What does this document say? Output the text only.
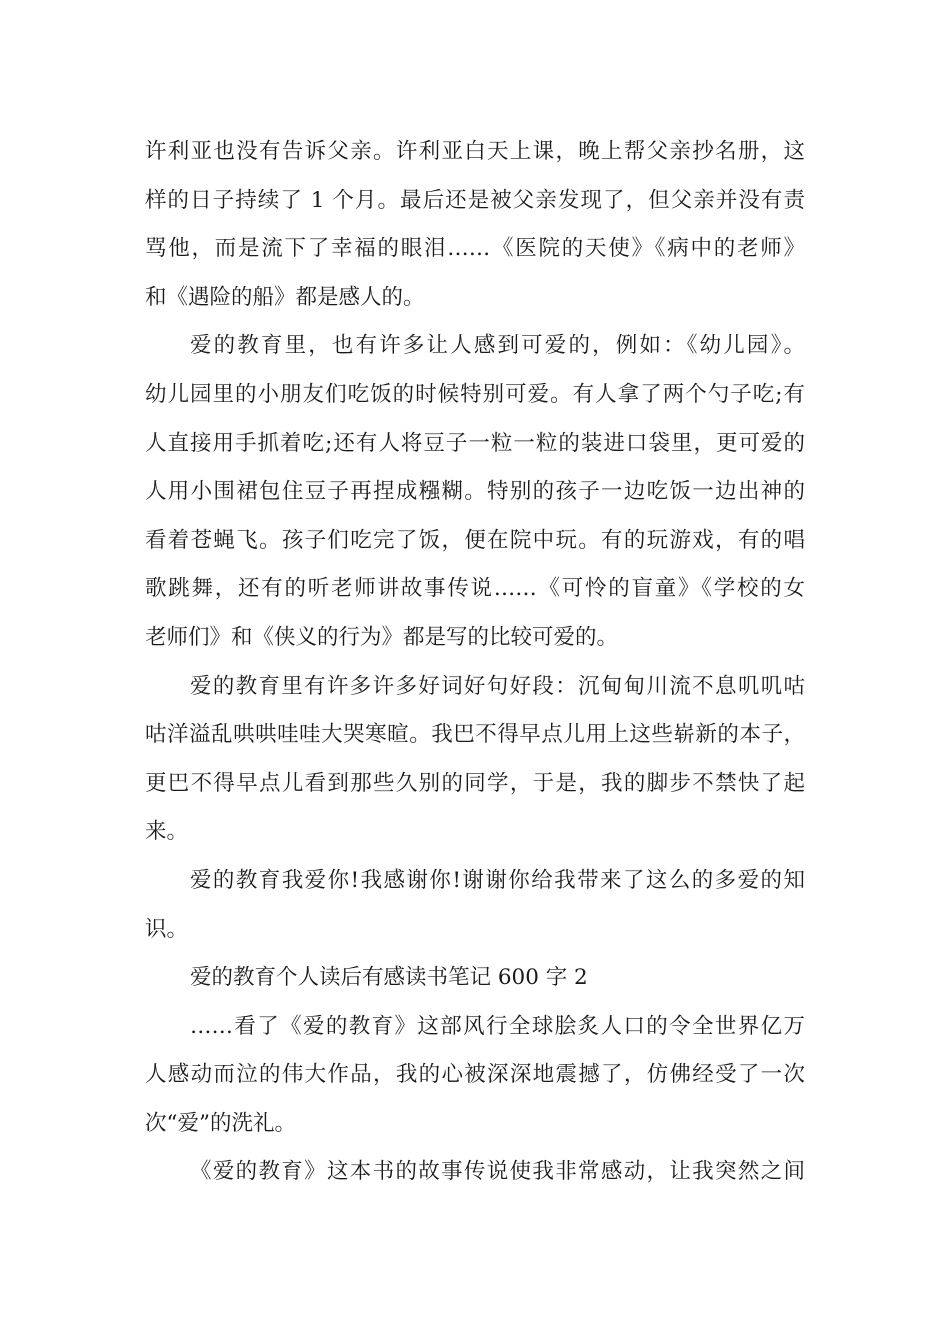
许利亚也没有告诉父亲。许利亚白天上课，晚上帮父亲抄名册，这
样的日子持续了 1 个月。最后还是被父亲发现了，但父亲并没有责
骂他，而是流下了幸福的眼泪……《医院的天使》《病中的老师》
和《遇险的船》都是感人的。
爱的教育里，也有许多让人感到可爱的，例如：《幼儿园》。
幼儿园里的小朋友们吃饭的时候特别可爱。有人拿了两个勺子吃;有
人直接用手抓着吃;还有人将豆子一粒一粒的装进口袋里，更可爱的
人用小围裙包住豆子再捏成糨糊。特别的孩子一边吃饭一边出神的
看着苍蝇飞。孩子们吃完了饭，便在院中玩。有的玩游戏，有的唱
歌跳舞，还有的听老师讲故事传说……《可怜的盲童》《学校的女
老师们》和《侠义的行为》都是写的比较可爱的。
爱的教育里有许多许多好词好句好段：沉甸甸川流不息叽叽咕
咕洋溢乱哄哄哇哇大哭寒暄。我巴不得早点儿用上这些崭新的本子，
更巴不得早点儿看到那些久别的同学，于是，我的脚步不禁快了起
来。
爱的教育我爱你!我感谢你!谢谢你给我带来了这么的多爱的知
识。
爱的教育个人读后有感读书笔记 600 字 2
……看了《爱的教育》这部风行全球脍炙人口的令全世界亿万
人感动而泣的伟大作品，我的心被深深地震撼了，仿佛经受了一次
次“爱”的洗礼。
《爱的教育》这本书的故事传说使我非常感动，让我突然之间
